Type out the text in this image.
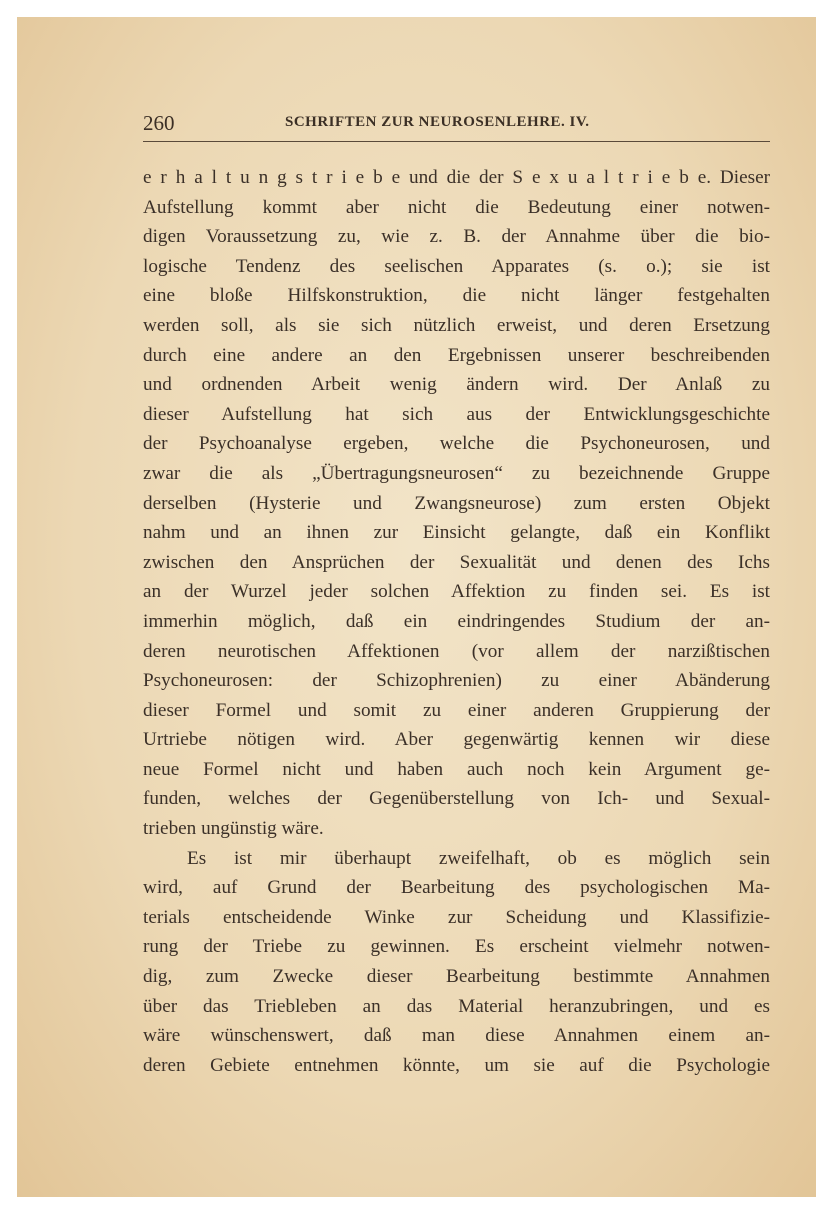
260	SCHRIFTEN ZUR NEUROSENLEHRE. IV.
e r h a l t u n g s t r i e b e und die der S e x u a l t r i e b e. Dieser
Aufstellung kommt aber nicht die Bedeutung einer notwen-
digen Voraussetzung zu, wie z. B. der Annahme über die bio-
logische Tendenz des seelischen Apparates (s. o.); sie ist
eine bloße Hilfskonstruktion, die nicht länger festgehalten
werden soll, als sie sich nützlich erweist, und deren Ersetzung
durch eine andere an den Ergebnissen unserer beschreibenden
und ordnenden Arbeit wenig ändern wird. Der Anlaß zu
dieser Aufstellung hat sich aus der Entwicklungsgeschichte
der Psychoanalyse ergeben, welche die Psychoneurosen, und
zwar die als „Übertragungsneurosen“ zu bezeichnende Gruppe
derselben (Hysterie und Zwangsneurose) zum ersten Objekt
nahm und an ihnen zur Einsicht gelangte, daß ein Konflikt
zwischen den Ansprüchen der Sexualität und denen des Ichs
an der Wurzel jeder solchen Affektion zu finden sei. Es ist
immerhin möglich, daß ein eindringendes Studium der an-
deren neurotischen Affektionen (vor allem der narzißtischen
Psychoneurosen: der Schizophrenien) zu einer Abänderung
dieser Formel und somit zu einer anderen Gruppierung der
Urtriebe nötigen wird. Aber gegenwärtig kennen wir diese
neue Formel nicht und haben auch noch kein Argument ge-
funden, welches der Gegenüberstellung von Ich- und Sexual-
trieben ungünstig wäre.
Es ist mir überhaupt zweifelhaft, ob es möglich sein
wird, auf Grund der Bearbeitung des psychologischen Ma-
terials entscheidende Winke zur Scheidung und Klassifizie-
rung der Triebe zu gewinnen. Es erscheint vielmehr notwen-
dig, zum Zwecke dieser Bearbeitung bestimmte Annahmen
über das Triebleben an das Material heranzubringen, und es
wäre wünschenswert, daß man diese Annahmen einem an-
deren Gebiete entnehmen könnte, um sie auf die Psychologie
